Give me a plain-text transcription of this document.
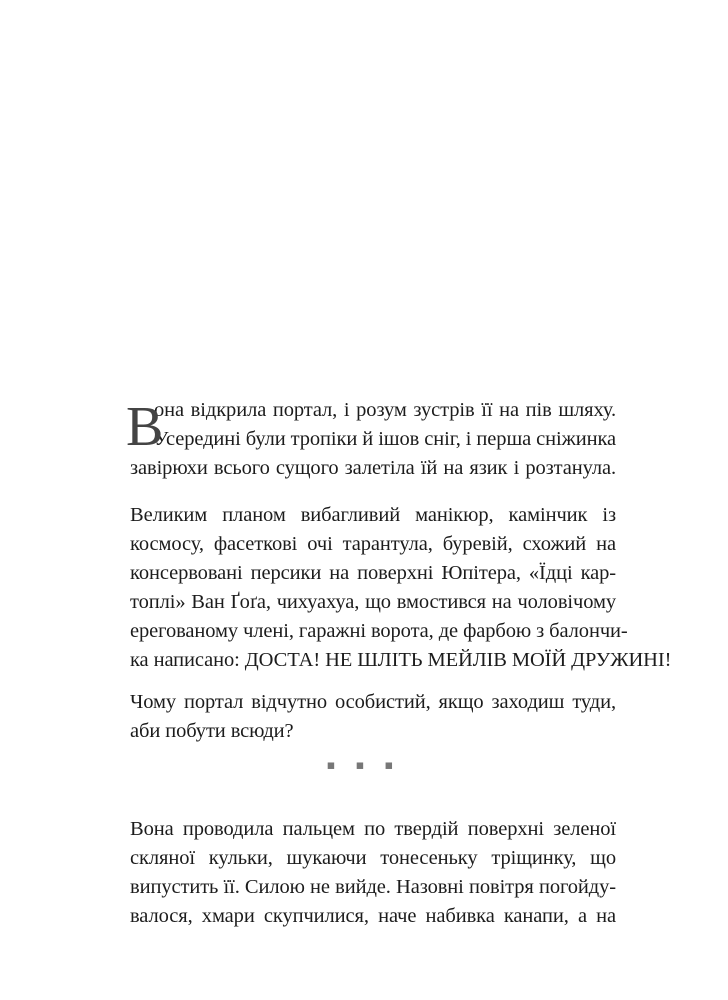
В
она відкрила портал, і розум зустрів її на пів шляху.
Усередині були тропіки й ішов сніг, і перша сніжинка
завірюхи всього сущого залетіла їй на язик і розтанула.
Великим планом вибагливий манікюр, камінчик із
космосу, фасеткові очі тарантула, буревій, схожий на
консервовані персики на поверхні Юпітера, «Їдці кар-
топлі» Ван Ґоґа, чихуахуа, що вмостився на чоловічому
ерегованому члені, гаражні ворота, де фарбою з балончи-
ка написано: ДОСТА! НЕ ШЛІТЬ МЕЙЛІВ МОЇЙ ДРУЖИНІ!
Чому портал відчутно особистий, якщо заходиш туди,
аби побути всюди?
▪ ▪ ▪
Вона проводила пальцем по твердій поверхні зеленої
скляної кульки, шукаючи тонесеньку тріщинку, що
випустить її. Силою не вийде. Назовні повітря погойду-
валося, хмари скупчилися, наче набивка канапи, а на
